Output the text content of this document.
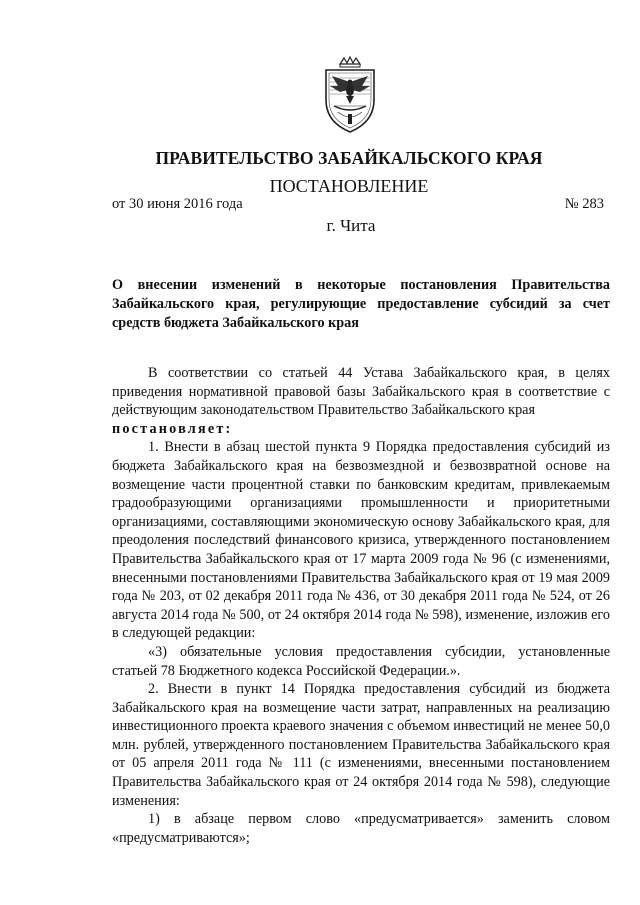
ПРАВИТЕЛЬСТВО ЗАБАЙКАЛЬСКОГО КРАЯ
ПОСТАНОВЛЕНИЕ
от 30 июня 2016 года	№ 283
г. Чита
О внесении изменений в некоторые постановления Правительства Забайкальского края, регулирующие предоставление субсидий за счет средств бюджета Забайкальского края

В соответствии со статьей 44 Устава Забайкальского края, в целях приведения нормативной правовой базы Забайкальского края в соответствие с действующим законодательством Правительство Забайкальского края
постановляет:

1. Внести в абзац шестой пункта 9 Порядка предоставления субсидий из бюджета Забайкальского края на безвозмездной и безвозвратной основе на возмещение части процентной ставки по банковским кредитам, привлекаемым градообразующими организациями промышленности и приоритетными организациями, составляющими экономическую основу Забайкальского края, для преодоления последствий финансового кризиса, утвержденного постановлением Правительства Забайкальского края от 17 марта 2009 года № 96 (с изменениями, внесенными постановлениями Правительства Забайкальского края от 19 мая 2009 года № 203, от 02 декабря 2011 года № 436, от 30 декабря 2011 года № 524, от 26 августа 2014 года № 500, от 24 октября 2014 года № 598), изменение, изложив его в следующей редакции:

«3) обязательные условия предоставления субсидии, установленные статьей 78 Бюджетного кодекса Российской Федерации.».

2. Внести в пункт 14 Порядка предоставления субсидий из бюджета Забайкальского края на возмещение части затрат, направленных на реализацию инвестиционного проекта краевого значения с объемом инвестиций не менее 50,0 млн. рублей, утвержденного постановлением Правительства Забайкальского края от 05 апреля 2011 года № 111 (с изменениями, внесенными постановлением Правительства Забайкальского края от 24 октября 2014 года № 598), следующие изменения:

1) в абзаце первом слово «предусматривается» заменить словом «предусматриваются»;
